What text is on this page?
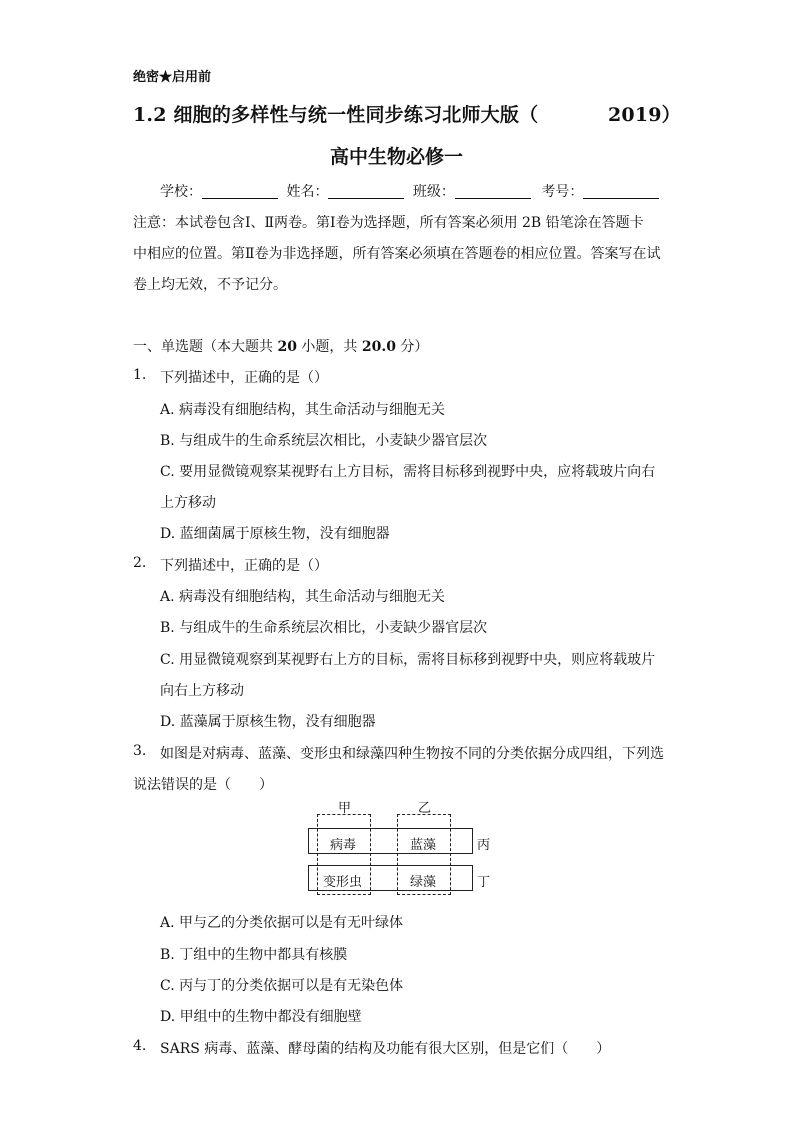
绝密★启用前
1.2 细胞的多样性与统一性同步练习北师大版（	2019）
高中生物必修一
学校：	姓名：	班级：	考号：
注意：本试卷包含Ⅰ、Ⅱ两卷。第Ⅰ卷为选择题，所有答案必须用 2B 铅笔涂在答题卡
中相应的位置。第Ⅱ卷为非选择题，所有答案必须填在答题卷的相应位置。答案写在试
卷上均无效，不予记分。
一、单选题（本大题共 20 小题，共 20.0 分）
1. 下列描述中，正确的是（）
A. 病毒没有细胞结构，其生命活动与细胞无关
B. 与组成牛的生命系统层次相比，小麦缺少器官层次
C. 要用显微镜观察某视野右上方目标，需将目标移到视野中央，应将载玻片向右
上方移动
D. 蓝细菌属于原核生物，没有细胞器
2. 下列描述中，正确的是（）
A. 病毒没有细胞结构，其生命活动与细胞无关
B. 与组成牛的生命系统层次相比，小麦缺少器官层次
C. 用显微镜观察到某视野右上方的目标，需将目标移到视野中央，则应将载玻片
向右上方移动
D. 蓝藻属于原核生物，没有细胞器
3. 如图是对病毒、蓝藻、变形虫和绿藻四种生物按不同的分类依据分成四组，下列选
说法错误的是（　　）
甲	乙
病毒	蓝藻
变形虫	绿藻
丙
丁
A. 甲与乙的分类依据可以是有无叶绿体
B. 丁组中的生物中都具有核膜
C. 丙与丁的分类依据可以是有无染色体
D. 甲组中的生物中都没有细胞壁
4. SARS 病毒、蓝藻、酵母菌的结构及功能有很大区别，但是它们（　　）
